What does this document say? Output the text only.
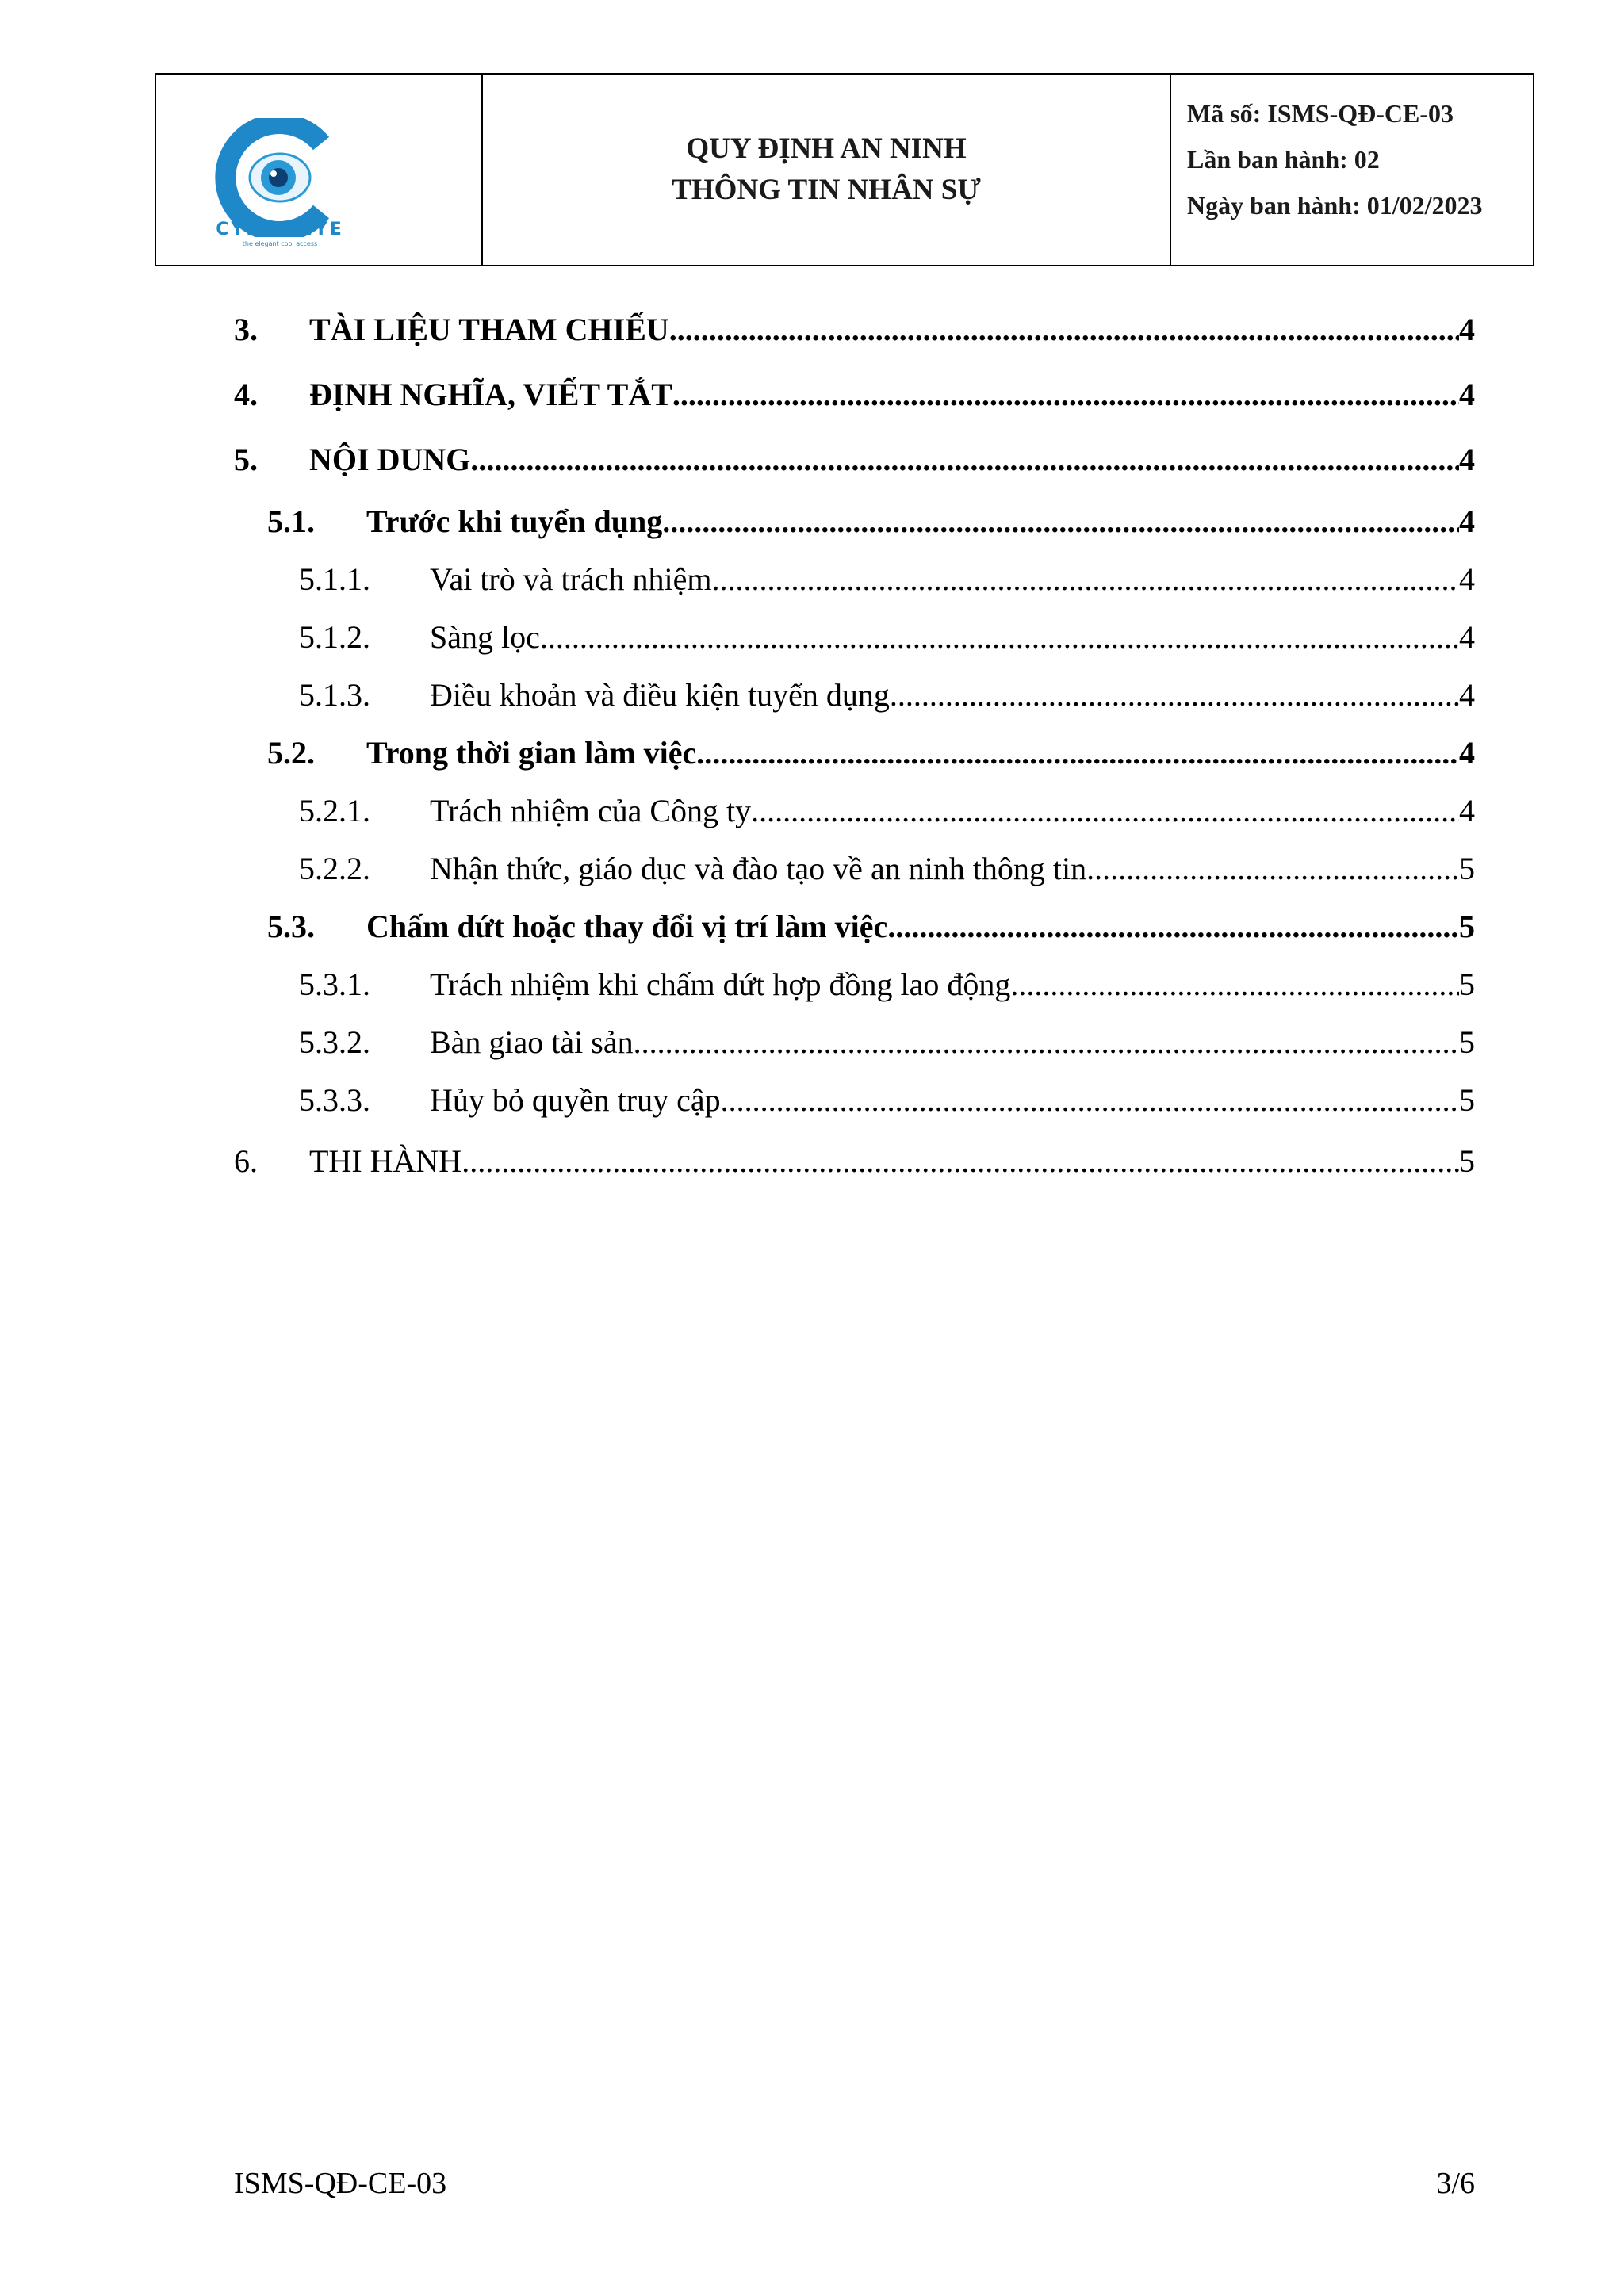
CYBER EYE
the elegant cool access
QUY ĐỊNH AN NINH
THÔNG TIN NHÂN SỰ
Mã số: ISMS-QĐ-CE-03
Lần ban hành: 02
Ngày ban hành: 01/02/2023
3.	TÀI LIỆU THAM CHIẾU .....	4
4.	ĐỊNH NGHĨA, VIẾT TẮT .....	4
5.	NỘI DUNG .....	4
5.1.	Trước khi tuyển dụng .....	4
5.1.1.	Vai trò và trách nhiệm .....	4
5.1.2.	Sàng lọc .....	4
5.1.3.	Điều khoản và điều kiện tuyển dụng .....	4
5.2.	Trong thời gian làm việc .....	4
5.2.1.	Trách nhiệm của Công ty .....	4
5.2.2.	Nhận thức, giáo dục và đào tạo về an ninh thông tin .....	5
5.3.	Chấm dứt hoặc thay đổi vị trí làm việc .....	5
5.3.1.	Trách nhiệm khi chấm dứt hợp đồng lao động .....	5
5.3.2.	Bàn giao tài sản .....	5
5.3.3.	Hủy bỏ quyền truy cập .....	5
6.	THI HÀNH .....	5
ISMS-QĐ-CE-03	3/6
